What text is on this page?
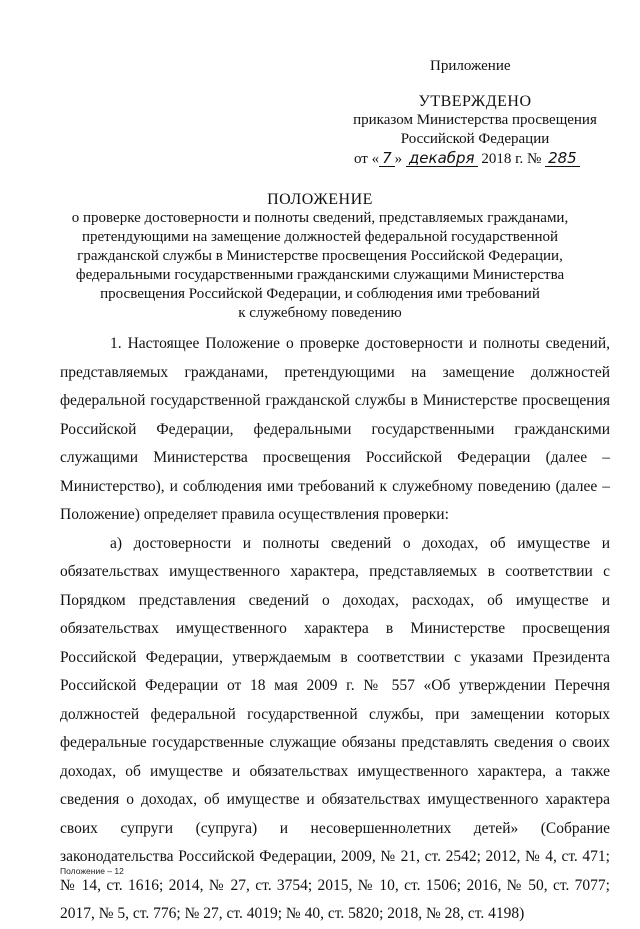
Приложение
УТВЕРЖДЕНО
приказом Министерства просвещения
Российской Федерации
от « 7 » декабря 2018 г. № 285
ПОЛОЖЕНИЕ
о проверке достоверности и полноты сведений, представляемых гражданами,
претендующими на замещение должностей федеральной государственной
гражданской службы в Министерстве просвещения Российской Федерации,
федеральными государственными гражданскими служащими Министерства
просвещения Российской Федерации, и соблюдения ими требований
к служебному поведению

1. Настоящее Положение о проверке достоверности и полноты сведений, представляемых гражданами, претендующими на замещение должностей федеральной государственной гражданской службы в Министерстве просвещения Российской Федерации, федеральными государственными гражданскими служащими Министерства просвещения Российской Федерации (далее – Министерство), и соблюдения ими требований к служебному поведению (далее – Положение) определяет правила осуществления проверки:

а) достоверности и полноты сведений о доходах, об имуществе и обязательствах имущественного характера, представляемых в соответствии с Порядком представления сведений о доходах, расходах, об имуществе и обязательствах имущественного характера в Министерстве просвещения Российской Федерации, утверждаемым в соответствии с указами Президента Российской Федерации от 18 мая 2009 г. № 557 «Об утверждении Перечня должностей федеральной государственной службы, при замещении которых федеральные государственные служащие обязаны представлять сведения о своих доходах, об имуществе и обязательствах имущественного характера, а также сведения о доходах, об имуществе и обязательствах имущественного характера своих супруги (супруга) и несовершеннолетних детей» (Собрание законодательства Российской Федерации, 2009, № 21, ст. 2542; 2012, № 4, ст. 471; № 14, ст. 1616; 2014, № 27, ст. 3754; 2015, № 10, ст. 1506; 2016, № 50, ст. 7077; 2017, № 5, ст. 776; № 27, ст. 4019; № 40, ст. 5820; 2018, № 28, ст. 4198)

Положение – 12
